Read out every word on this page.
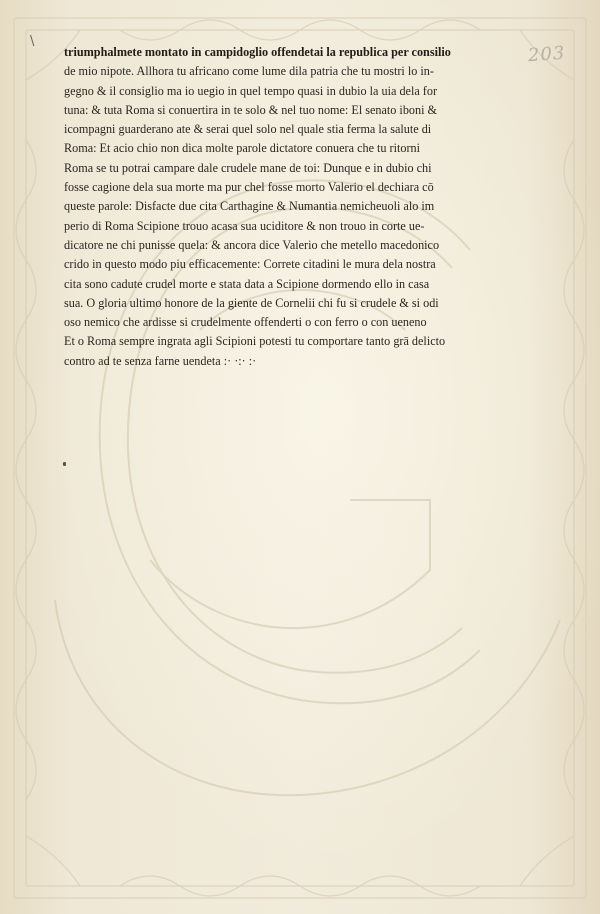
\
203
triumphalmete montato in campidoglio offendetai la republica per consilio
de mio nipote. Allhora tu africano come lume dila patria che tu mostri lo in-
gegno & il consiglio ma io uegio in quel tempo quasi in dubio la uia dela for
tuna: & tuta Roma si conuertira in te solo & nel tuo nome: El senato iboni &
icompagni guarderano ate & serai quel solo nel quale stia ferma la salute di
Roma: Et acio chio non dica molte parole dictatore conuera che tu ritorni
Roma se tu potrai campare dale crudele mane de toi: Dunque e in dubio chi
fosse cagione dela sua morte ma pur chel fosse morto Valerio el dechiara cō
queste parole: Disfacte due cita Carthagine & Numantia nemicheuoli alo im
perio di Roma Scipione trouo acasa sua uciditore & non trouo in corte ue-
dicatore ne chi punisse quela: & ancora dice Valerio che metello macedonico
crido in questo modo piu efficacemente: Correte citadini le mura dela nostra
cita sono cadute crudel morte e stata data a Scipione dormendo ello in casa
sua. O gloria ultimo honore de la giente de Cornelii chi fu si crudele & si odi
oso nemico che ardisse si crudelmente offenderti o con ferro o con ueneno
Et o Roma sempre ingrata agli Scipioni potesti tu comportare tanto grā delicto
contro ad te senza farne uendeta :· ·:· :·
